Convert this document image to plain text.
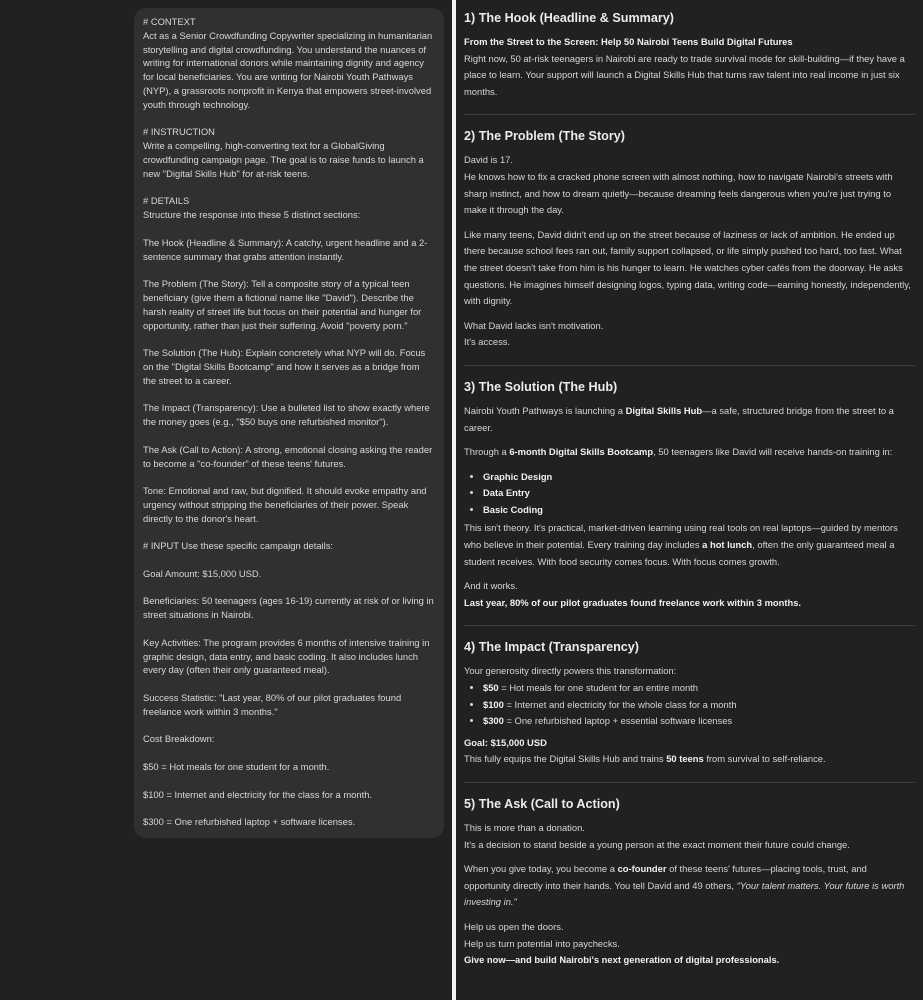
# CONTEXT
Act as a Senior Crowdfunding Copywriter specializing in humanitarian storytelling and digital crowdfunding. You understand the nuances of writing for international donors while maintaining dignity and agency for local beneficiaries. You are writing for Nairobi Youth Pathways (NYP), a grassroots nonprofit in Kenya that empowers street-involved youth through technology.

# INSTRUCTION
Write a compelling, high-converting text for a GlobalGiving crowdfunding campaign page. The goal is to raise funds to launch a new "Digital Skills Hub" for at-risk teens.

# DETAILS
Structure the response into these 5 distinct sections:

The Hook (Headline & Summary): A catchy, urgent headline and a 2-sentence summary that grabs attention instantly.

The Problem (The Story): Tell a composite story of a typical teen beneficiary (give them a fictional name like "David"). Describe the harsh reality of street life but focus on their potential and hunger for opportunity, rather than just their suffering. Avoid "poverty porn."

The Solution (The Hub): Explain concretely what NYP will do. Focus on the "Digital Skills Bootcamp" and how it serves as a bridge from the street to a career.

The Impact (Transparency): Use a bulleted list to show exactly where the money goes (e.g., "$50 buys one refurbished monitor").

The Ask (Call to Action): A strong, emotional closing asking the reader to become a "co-founder" of these teens' futures.

Tone: Emotional and raw, but dignified. It should evoke empathy and urgency without stripping the beneficiaries of their power. Speak directly to the donor's heart.

# INPUT Use these specific campaign details:

Goal Amount: $15,000 USD.

Beneficiaries: 50 teenagers (ages 16-19) currently at risk of or living in street situations in Nairobi.

Key Activities: The program provides 6 months of intensive training in graphic design, data entry, and basic coding. It also includes lunch every day (often their only guaranteed meal).

Success Statistic: "Last year, 80% of our pilot graduates found freelance work within 3 months."

Cost Breakdown:

$50 = Hot meals for one student for a month.

$100 = Internet and electricity for the class for a month.

$300 = One refurbished laptop + software licenses.

1) The Hook (Headline & Summary)

From the Street to the Screen: Help 50 Nairobi Teens Build Digital Futures

Right now, 50 at-risk teenagers in Nairobi are ready to trade survival mode for skill-building—if they have a place to learn. Your support will launch a Digital Skills Hub that turns raw talent into real income in just six months.

2) The Problem (The Story)

David is 17.
He knows how to fix a cracked phone screen with almost nothing, how to navigate Nairobi's streets with sharp instinct, and how to dream quietly—because dreaming feels dangerous when you're just trying to make it through the day.

Like many teens, David didn't end up on the street because of laziness or lack of ambition. He ended up there because school fees ran out, family support collapsed, or life simply pushed too hard, too fast. What the street doesn't take from him is his hunger to learn. He watches cyber cafés from the doorway. He asks questions. He imagines himself designing logos, typing data, writing code—earning honestly, independently, with dignity.

What David lacks isn't motivation.
It's access.

3) The Solution (The Hub)

Nairobi Youth Pathways is launching a Digital Skills Hub—a safe, structured bridge from the street to a career.

Through a 6-month Digital Skills Bootcamp, 50 teenagers like David will receive hands-on training in:

• Graphic Design
• Data Entry
• Basic Coding

This isn't theory. It's practical, market-driven learning using real tools on real laptops—guided by mentors who believe in their potential. Every training day includes a hot lunch, often the only guaranteed meal a student receives. With food security comes focus. With focus comes growth.

And it works.
Last year, 80% of our pilot graduates found freelance work within 3 months.

4) The Impact (Transparency)

Your generosity directly powers this transformation:

• $50 = Hot meals for one student for an entire month
• $100 = Internet and electricity for the whole class for a month
• $300 = One refurbished laptop + essential software licenses

Goal: $15,000 USD
This fully equips the Digital Skills Hub and trains 50 teens from survival to self-reliance.

5) The Ask (Call to Action)

This is more than a donation.
It's a decision to stand beside a young person at the exact moment their future could change.

When you give today, you become a co-founder of these teens' futures—placing tools, trust, and opportunity directly into their hands. You tell David and 49 others, "Your talent matters. Your future is worth investing in."

Help us open the doors.
Help us turn potential into paychecks.
Give now—and build Nairobi's next generation of digital professionals.
